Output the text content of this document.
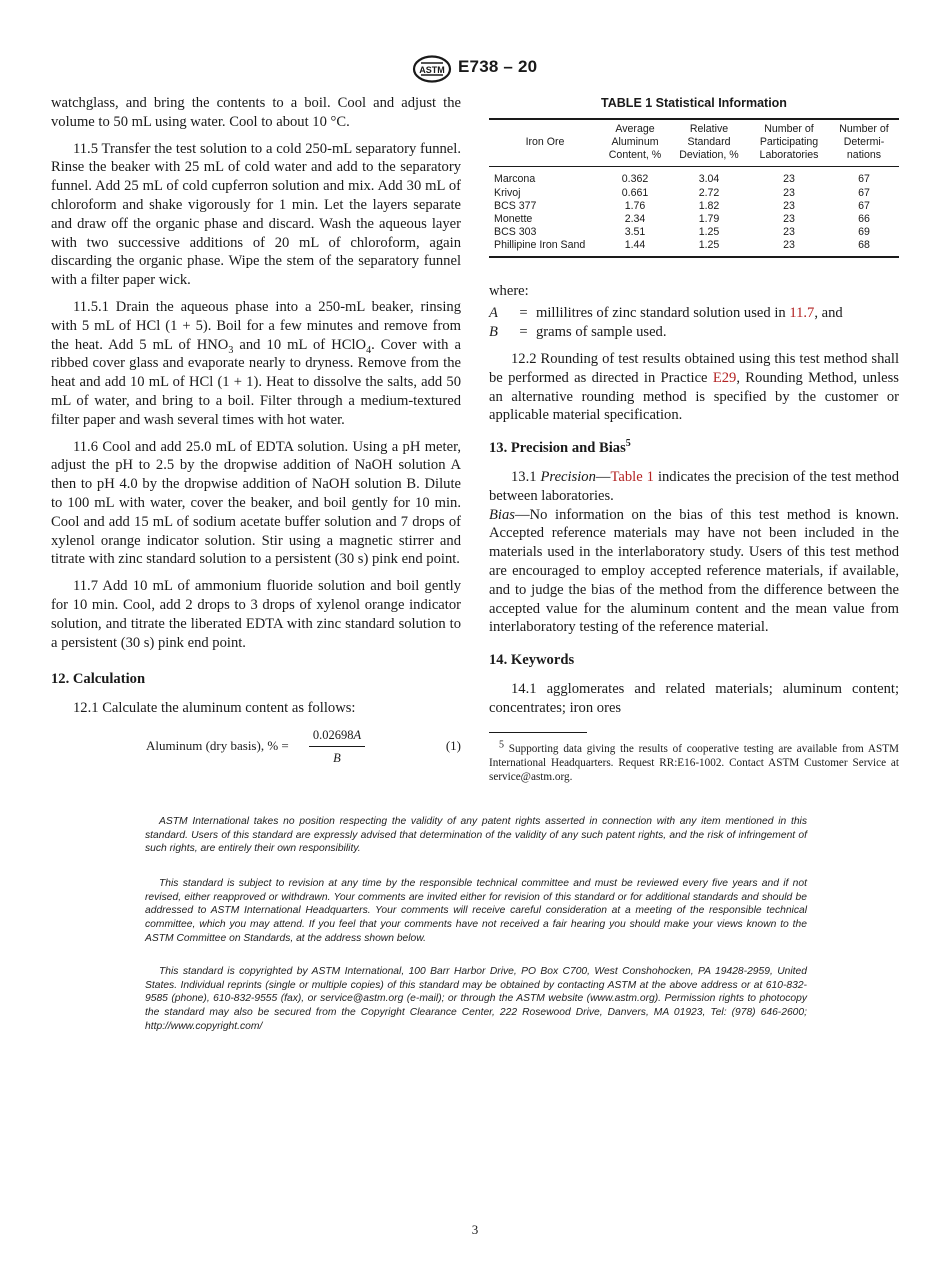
ASTM E738 – 20

watchglass, and bring the contents to a boil. Cool and adjust the volume to 50 mL using water. Cool to about 10 °C.

11.5 Transfer the test solution to a cold 250-mL separatory funnel. Rinse the beaker with 25 mL of cold water and add to the separatory funnel. Add 25 mL of cold cupferron solution and mix. Add 30 mL of chloroform and shake vigorously for 1 min. Let the layers separate and draw off the organic phase and discard. Wash the aqueous layer with two successive additions of 20 mL of chloroform, again discarding the organic phase. Wipe the stem of the separatory funnel with a filter paper wick.

11.5.1 Drain the aqueous phase into a 250-mL beaker, rinsing with 5 mL of HCl (1 + 5). Boil for a few minutes and remove from the heat. Add 5 mL of $HNO_3$ and 10 mL of HClO$_4$. Cover with a ribbed cover glass and evaporate nearly to dryness. Remove from the heat and add 10 mL of HCl (1 + 1). Heat to dissolve the salts, add 50 mL of water, and bring to a boil. Filter through a medium-textured filter paper and wash several times with hot water.

11.6 Cool and add 25.0 mL of EDTA solution. Using a pH meter, adjust the pH to 2.5 by the dropwise addition of NaOH solution A then to pH 4.0 by the dropwise addition of NaOH solution B. Dilute to 100 mL with water, cover the beaker, and boil gently for 10 min. Cool and add 15 mL of sodium acetate buffer solution and 7 drops of xylenol orange indicator solution. Stir using a magnetic stirrer and titrate with zinc standard solution to a persistent (30 s) pink end point.

11.7 Add 10 mL of ammonium fluoride solution and boil gently for 10 min. Cool, add 2 drops to 3 drops of xylenol orange indicator solution, and titrate the liberated EDTA with zinc standard solution to a persistent (30 s) pink end point.

12. Calculation

12.1 Calculate the aluminum content as follows:

Aluminum (dry basis), % = $\frac{0.02698A}{B}$	(1)
TABLE 1 Statistical Information
Iron Ore	Average Aluminum Content, %	Relative Standard Deviation, %	Number of Participating Laboratories	Number of Determi- nations
Marcona	0.362	3.04	23	67
Krivoj	0.661	2.72	23	67
BCS 377	1.76	1.82	23	67
Monette	2.34	1.79	23	66
BCS 303	3.51	1.25	23	69
Phillipine Iron Sand	1.44	1.25	23	68

where:

A	= millilitres of zinc standard solution used in 11.7, and
B	= grams of sample used.

12.2 Rounding of test results obtained using this test method shall be performed as directed in Practice E29, Rounding Method, unless an alternative rounding method is specified by the customer or applicable material specification.

13. Precision and Bias$^5$

13.1 Precision—Table 1 indicates the precision of the test method between laboratories.

Bias—No information on the bias of this test method is known. Accepted reference materials may have not been included in the materials used in the interlaboratory study. Users of this test method are encouraged to employ accepted reference materials, if available, and to judge the bias of the method from the difference between the accepted value for the aluminum content and the mean value from interlaboratory testing of the reference material.

14. Keywords

14.1 agglomerates and related materials; aluminum content; concentrates; iron ores

$^5$ Supporting data giving the results of cooperative testing are available from ASTM International Headquarters. Request RR:E16-1002. Contact ASTM Customer Service at service@astm.org.

ASTM International takes no position respecting the validity of any patent rights asserted in connection with any item mentioned in this standard. Users of this standard are expressly advised that determination of the validity of any such patent rights, and the risk of infringement of such rights, are entirely their own responsibility.

This standard is subject to revision at any time by the responsible technical committee and must be reviewed every five years and if not revised, either reapproved or withdrawn. Your comments are invited either for revision of this standard or for additional standards and should be addressed to ASTM International Headquarters. Your comments will receive careful consideration at a meeting of the responsible technical committee, which you may attend. If you feel that your comments have not received a fair hearing you should make your views known to the ASTM Committee on Standards, at the address shown below.

This standard is copyrighted by ASTM International, 100 Barr Harbor Drive, PO Box C700, West Conshohocken, PA 19428-2959, United States. Individual reprints (single or multiple copies) of this standard may be obtained by contacting ASTM at the above address or at 610-832-9585 (phone), 610-832-9555 (fax), or service@astm.org (e-mail); or through the ASTM website (www.astm.org). Permission rights to photocopy the standard may also be secured from the Copyright Clearance Center, 222 Rosewood Drive, Danvers, MA 01923, Tel: (978) 646-2600; http://www.copyright.com/

3
